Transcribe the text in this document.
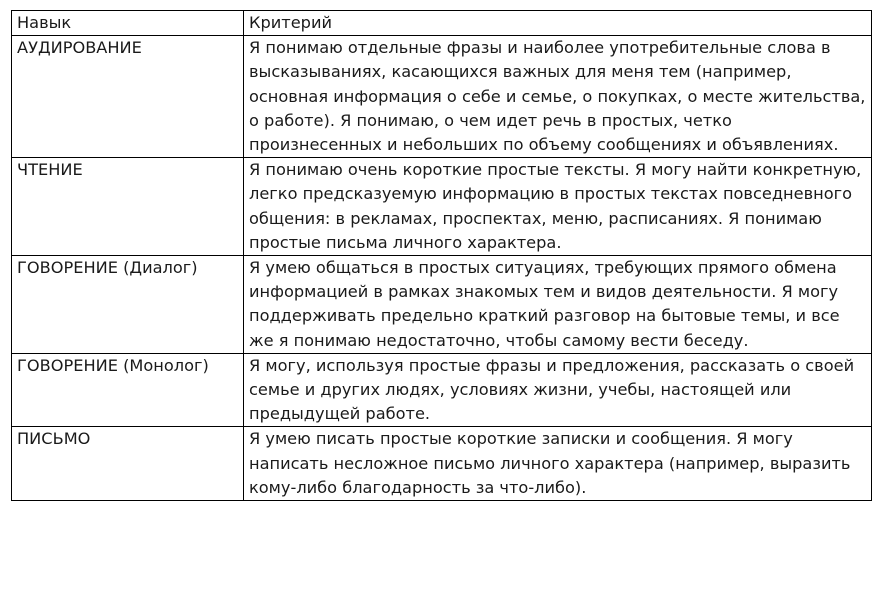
Навык	Критерий
АУДИРОВАНИЕ	Я понимаю отдельные фразы и наиболее употребительные слова в высказываниях, касающихся важных для меня тем (например, основная информация о себе и семье, о покупках, о месте жительства, о работе). Я понимаю, о чем идет речь в простых, четко произнесенных и небольших по объему сообщениях и объявлениях.
ЧТЕНИЕ	Я понимаю очень короткие простые тексты. Я могу найти конкретную, легко предсказуемую информацию в простых текстах повседневного общения: в рекламах, проспектах, меню, расписаниях. Я понимаю простые письма личного характера.
ГОВОРЕНИЕ (Диалог)	Я умею общаться в простых ситуациях, требующих прямого обмена информацией в рамках знакомых тем и видов деятельности. Я могу поддерживать предельно краткий разговор на бытовые темы, и все же я понимаю недостаточно, чтобы самому вести беседу.
ГОВОРЕНИЕ (Монолог)	Я могу, используя простые фразы и предложения, рассказать о своей семье и других людях, условиях жизни, учебы, настоящей или предыдущей работе.
ПИСЬМО	Я умею писать простые короткие записки и сообщения. Я могу написать несложное письмо личного характера (например, выразить кому-либо благодарность за что-либо).
